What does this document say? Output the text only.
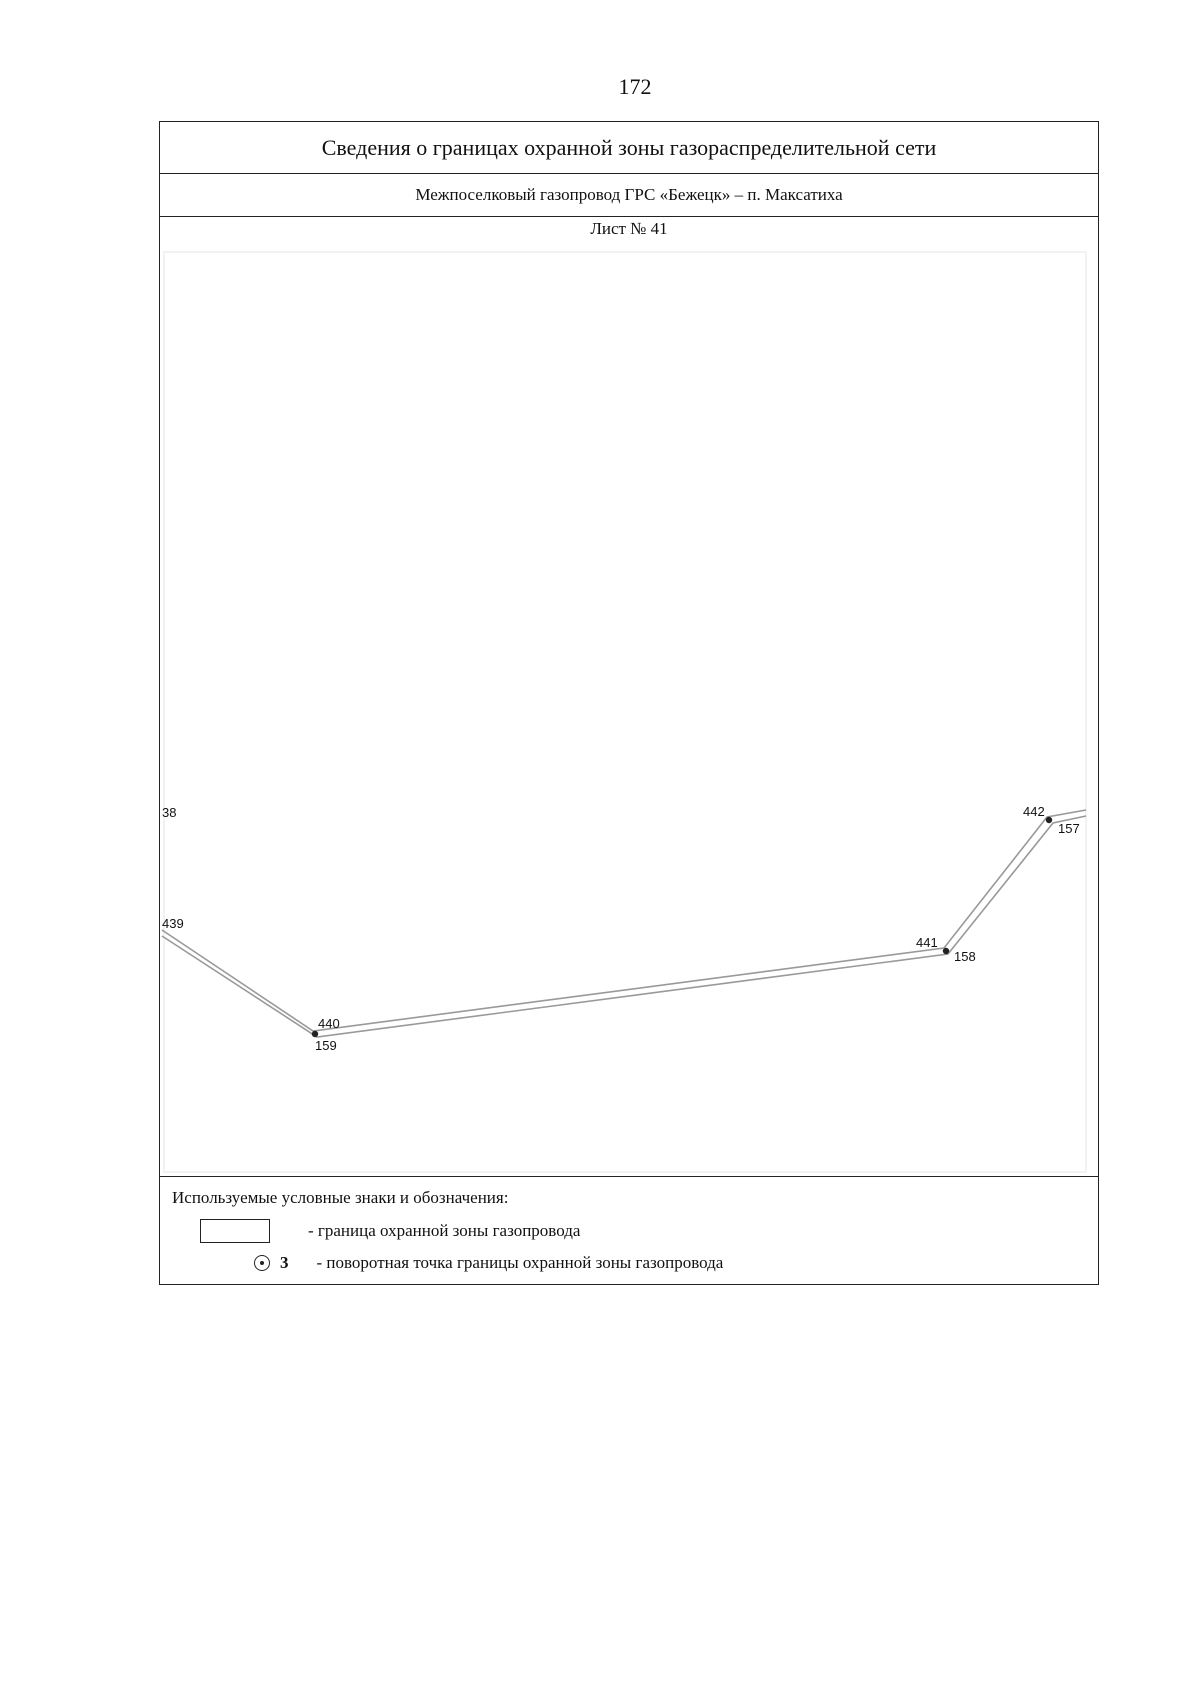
172
Сведения о границах охранной зоны газораспределительной сети
Межпоселковый газопровод ГРС «Бежецк» – п. Максатиха
Лист № 41
38
439
440
159
441
158
442
157
Используемые условные знаки и обозначения:
- граница охранной зоны газопровода
3 - поворотная точка границы охранной зоны газопровода
